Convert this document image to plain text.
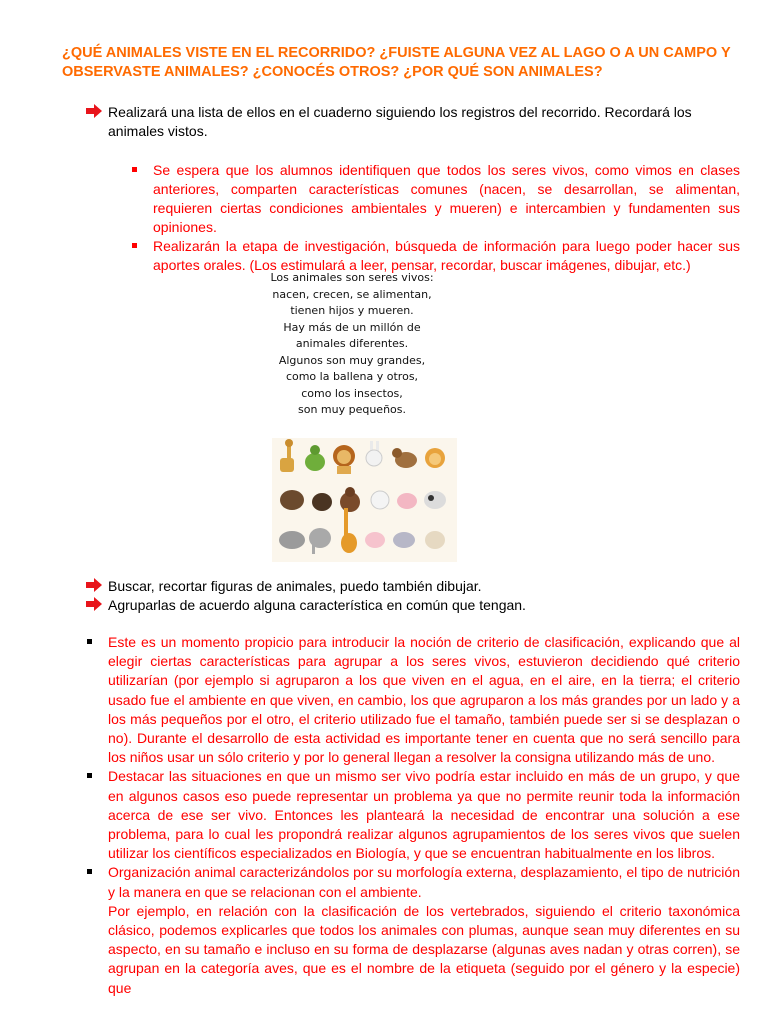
¿QUÉ ANIMALES VISTE EN EL RECORRIDO? ¿FUISTE ALGUNA VEZ AL LAGO O A UN CAMPO Y OBSERVASTE ANIMALES? ¿CONOCÉS OTROS? ¿POR QUÉ SON ANIMALES?
Realizará una lista de ellos en el cuaderno siguiendo los registros del recorrido. Recordará los animales vistos.
Se espera que los alumnos identifiquen que todos los seres vivos, como vimos en clases anteriores, comparten características comunes (nacen, se desarrollan, se alimentan, requieren ciertas condiciones ambientales y mueren) e intercambien y fundamenten sus opiniones.
Realizarán la etapa de investigación, búsqueda de información para luego poder hacer sus aportes orales. (Los estimulará a leer, pensar, recordar, buscar imágenes, dibujar, etc.)
Los animales son seres vivos:
nacen, crecen, se alimentan,
tienen hijos y mueren.
Hay más de un millón de
animales diferentes.
Algunos son muy grandes,
como la ballena y otros,
como los insectos,
son muy pequeños.
Buscar, recortar figuras de animales, puedo también dibujar.
Agruparlas de acuerdo alguna característica en común que tengan.
Este es un momento propicio para introducir la noción de criterio de clasificación, explicando que al elegir ciertas características para agrupar a los seres vivos, estuvieron decidiendo qué criterio utilizarían (por ejemplo si agruparon a los que viven en el agua, en el aire, en la tierra; el criterio usado fue el ambiente en que viven, en cambio, los que agruparon a los más grandes por un lado y a los más pequeños por el otro, el criterio utilizado fue el tamaño, también puede ser si se desplazan o no). Durante el desarrollo de esta actividad es importante tener en cuenta que no será sencillo para los niños usar un sólo criterio y por lo general llegan a resolver la consigna utilizando más de uno.
Destacar las situaciones en que un mismo ser vivo podría estar incluido en más de un grupo, y que en algunos casos eso puede representar un problema ya que no permite reunir toda la información acerca de ese ser vivo. Entonces les planteará la necesidad de encontrar una solución a ese problema, para lo cual les propondrá realizar algunos agrupamientos de los seres vivos que suelen utilizar los científicos especializados en Biología, y que se encuentran habitualmente en los libros.
Organización animal caracterizándolos por su morfología externa, desplazamiento, el tipo de nutrición y la manera en que se relacionan con el ambiente.
Por ejemplo, en relación con la clasificación de los vertebrados, siguiendo el criterio taxonómica clásico, podemos explicarles que todos los animales con plumas, aunque sean muy diferentes en su aspecto, en su tamaño e incluso en su forma de desplazarse (algunas aves nadan y otras corren), se agrupan en la categoría aves, que es el nombre de la etiqueta (seguido por el género y la especie) que
